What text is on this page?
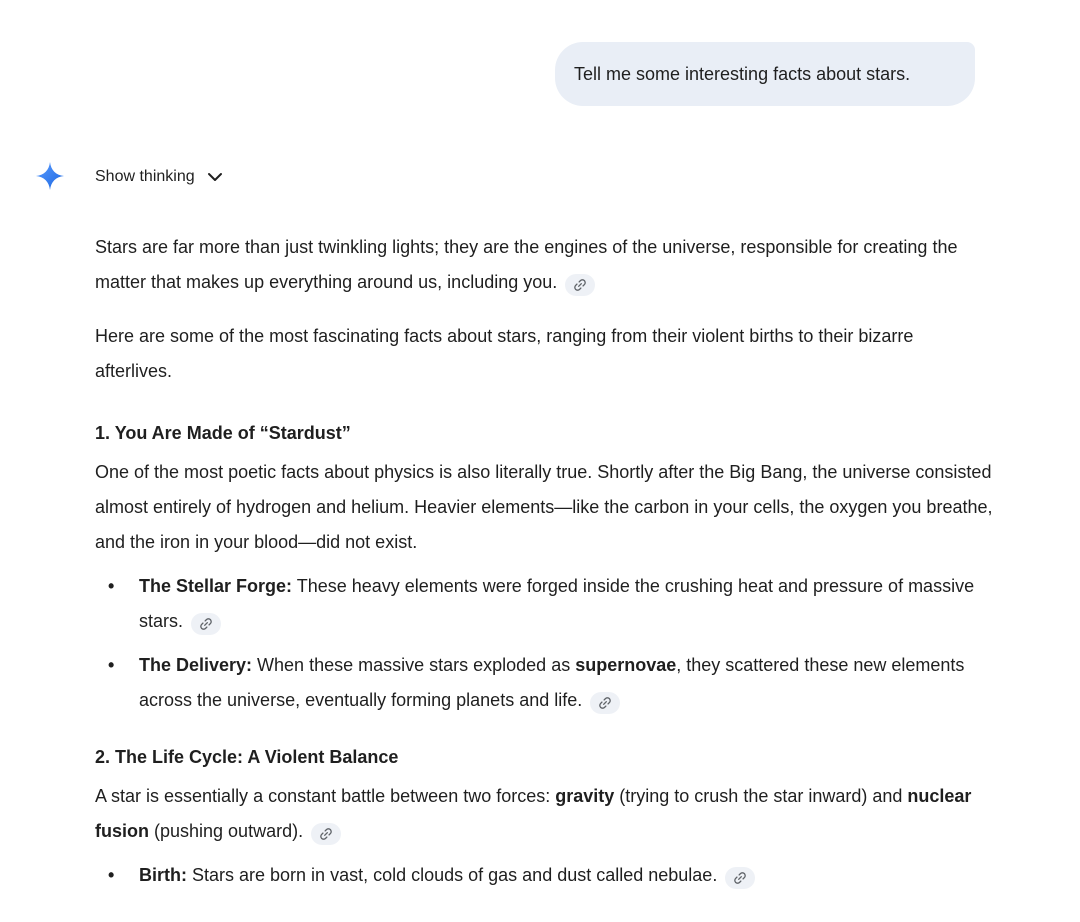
Tell me some interesting facts about stars.
Show thinking

Stars are far more than just twinkling lights; they are the engines of the universe, responsible for creating the matter that makes up everything around us, including you.

Here are some of the most fascinating facts about stars, ranging from their violent births to their bizarre afterlives.

1. You Are Made of “Stardust”

One of the most poetic facts about physics is also literally true. Shortly after the Big Bang, the universe consisted almost entirely of hydrogen and helium. Heavier elements—like the carbon in your cells, the oxygen you breathe, and the iron in your blood—did not exist.

• The Stellar Forge: These heavy elements were forged inside the crushing heat and pressure of massive stars.
• The Delivery: When these massive stars exploded as supernovae, they scattered these new elements across the universe, eventually forming planets and life.
2. The Life Cycle: A Violent Balance

A star is essentially a constant battle between two forces: gravity (trying to crush the star inward) and nuclear fusion (pushing outward).

• Birth: Stars are born in vast, cold clouds of gas and dust called nebulae.
